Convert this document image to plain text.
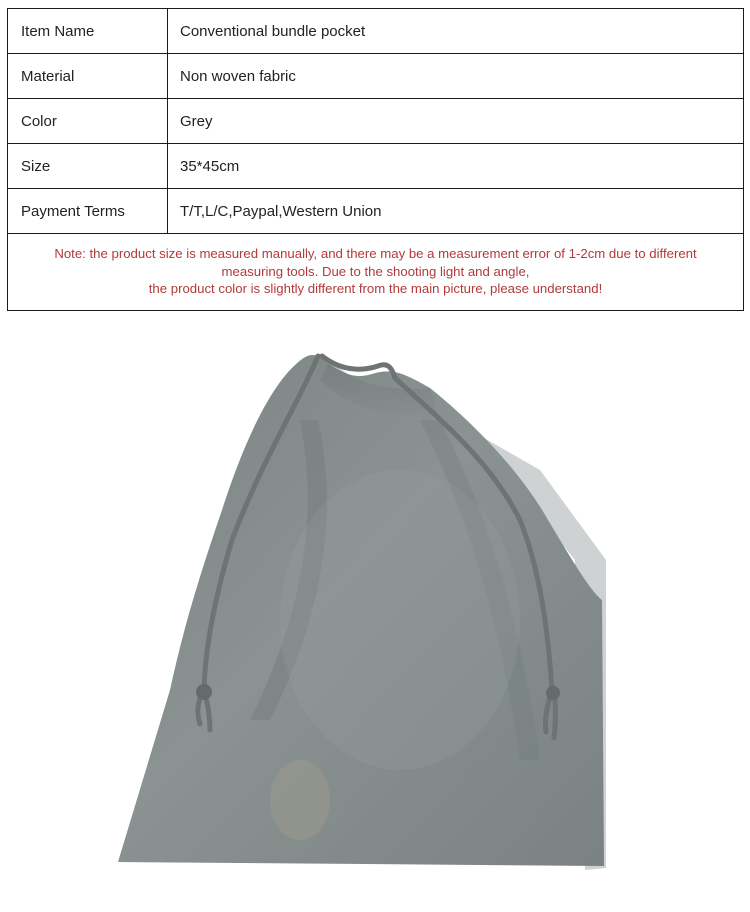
Item Name	Conventional bundle pocket
Material	Non woven fabric
Color	Grey
Size	35*45cm
Payment Terms	T/T,L/C,Paypal,Western Union

Note: the product size is measured manually, and there may be a measurement error of 1-2cm due to different
measuring tools. Due to the shooting light and angle,
the product color is slightly different from the main picture, please understand!	
